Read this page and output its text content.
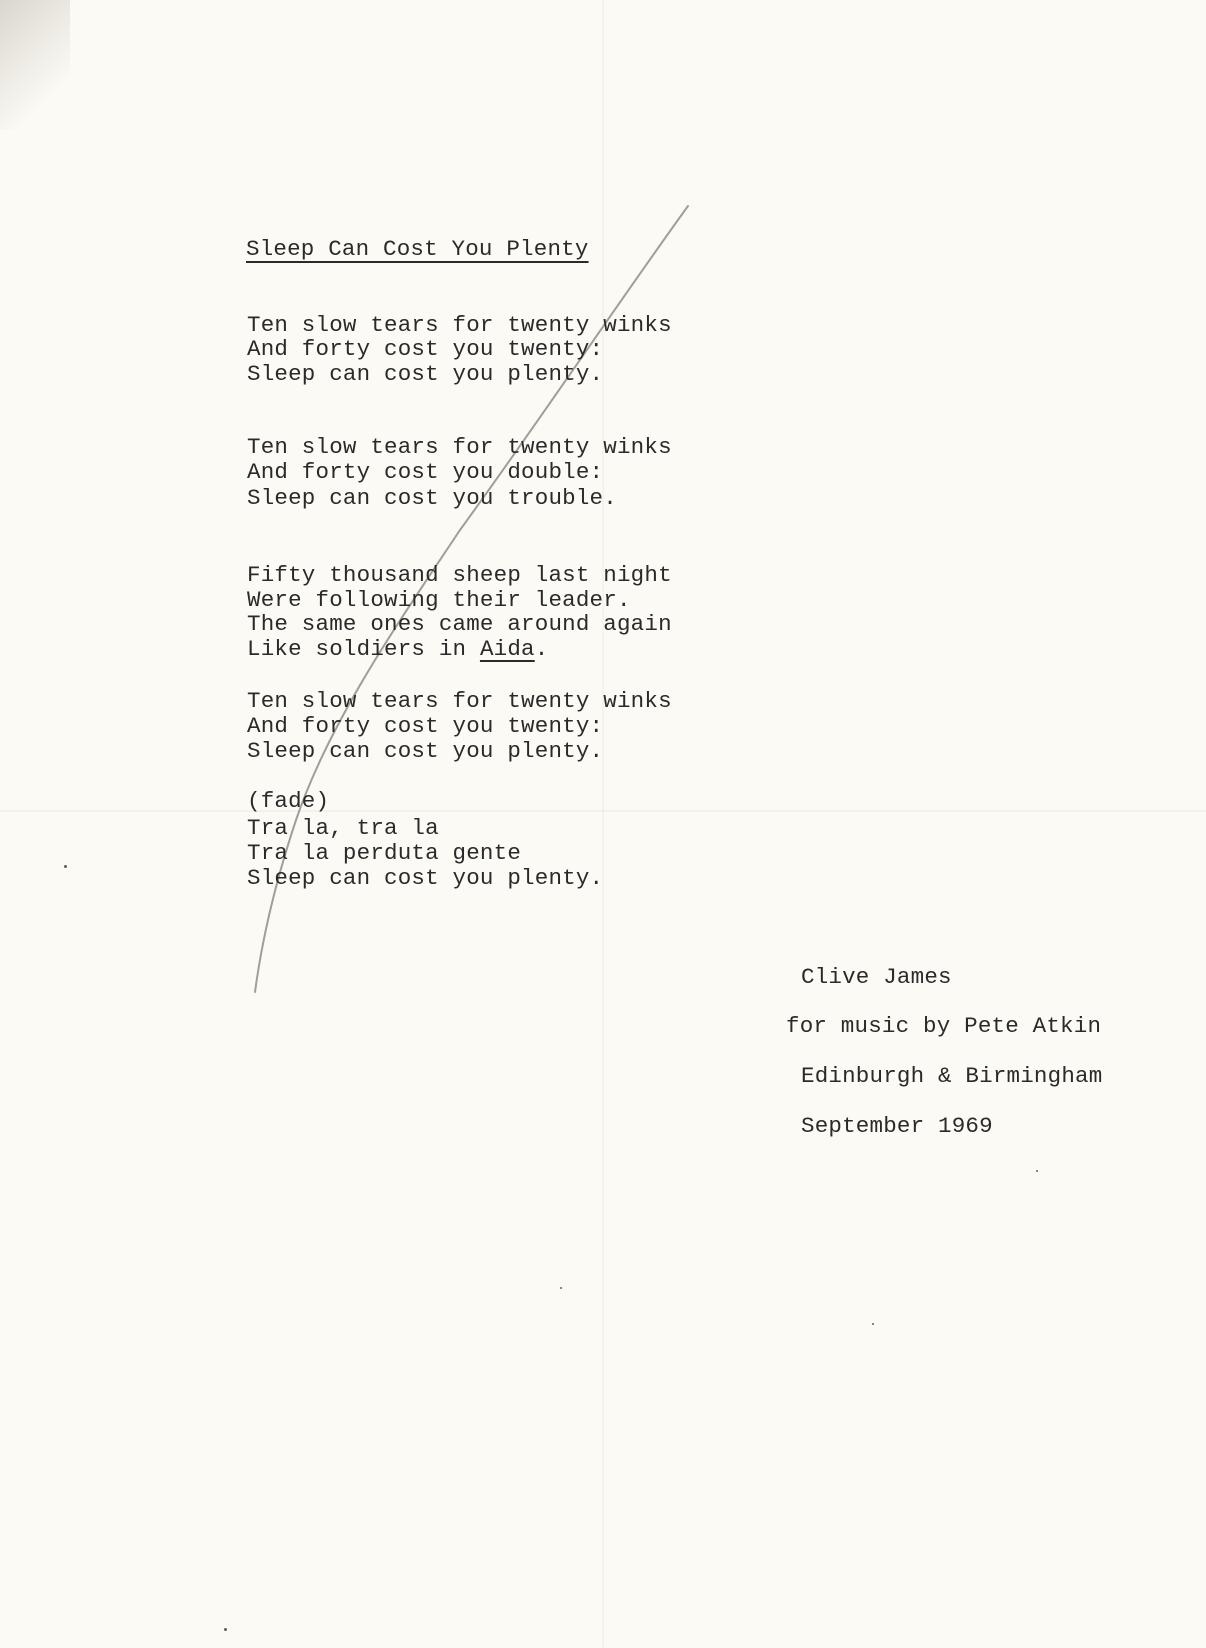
Sleep Can Cost You Plenty
Ten slow tears for twenty winks
And forty cost you twenty:
Sleep can cost you plenty.
Ten slow tears for twenty winks
And forty cost you double:
Sleep can cost you trouble.
Fifty thousand sheep last night
Were following their leader.
The same ones came around again
Like soldiers in Aida.
Ten slow tears for twenty winks
And forty cost you twenty:
Sleep can cost you plenty.
(fade)
Tra la, tra la
Tra la perduta gente
Sleep can cost you plenty.
Clive James
for music by Pete Atkin
Edinburgh & Birmingham
September 1969
